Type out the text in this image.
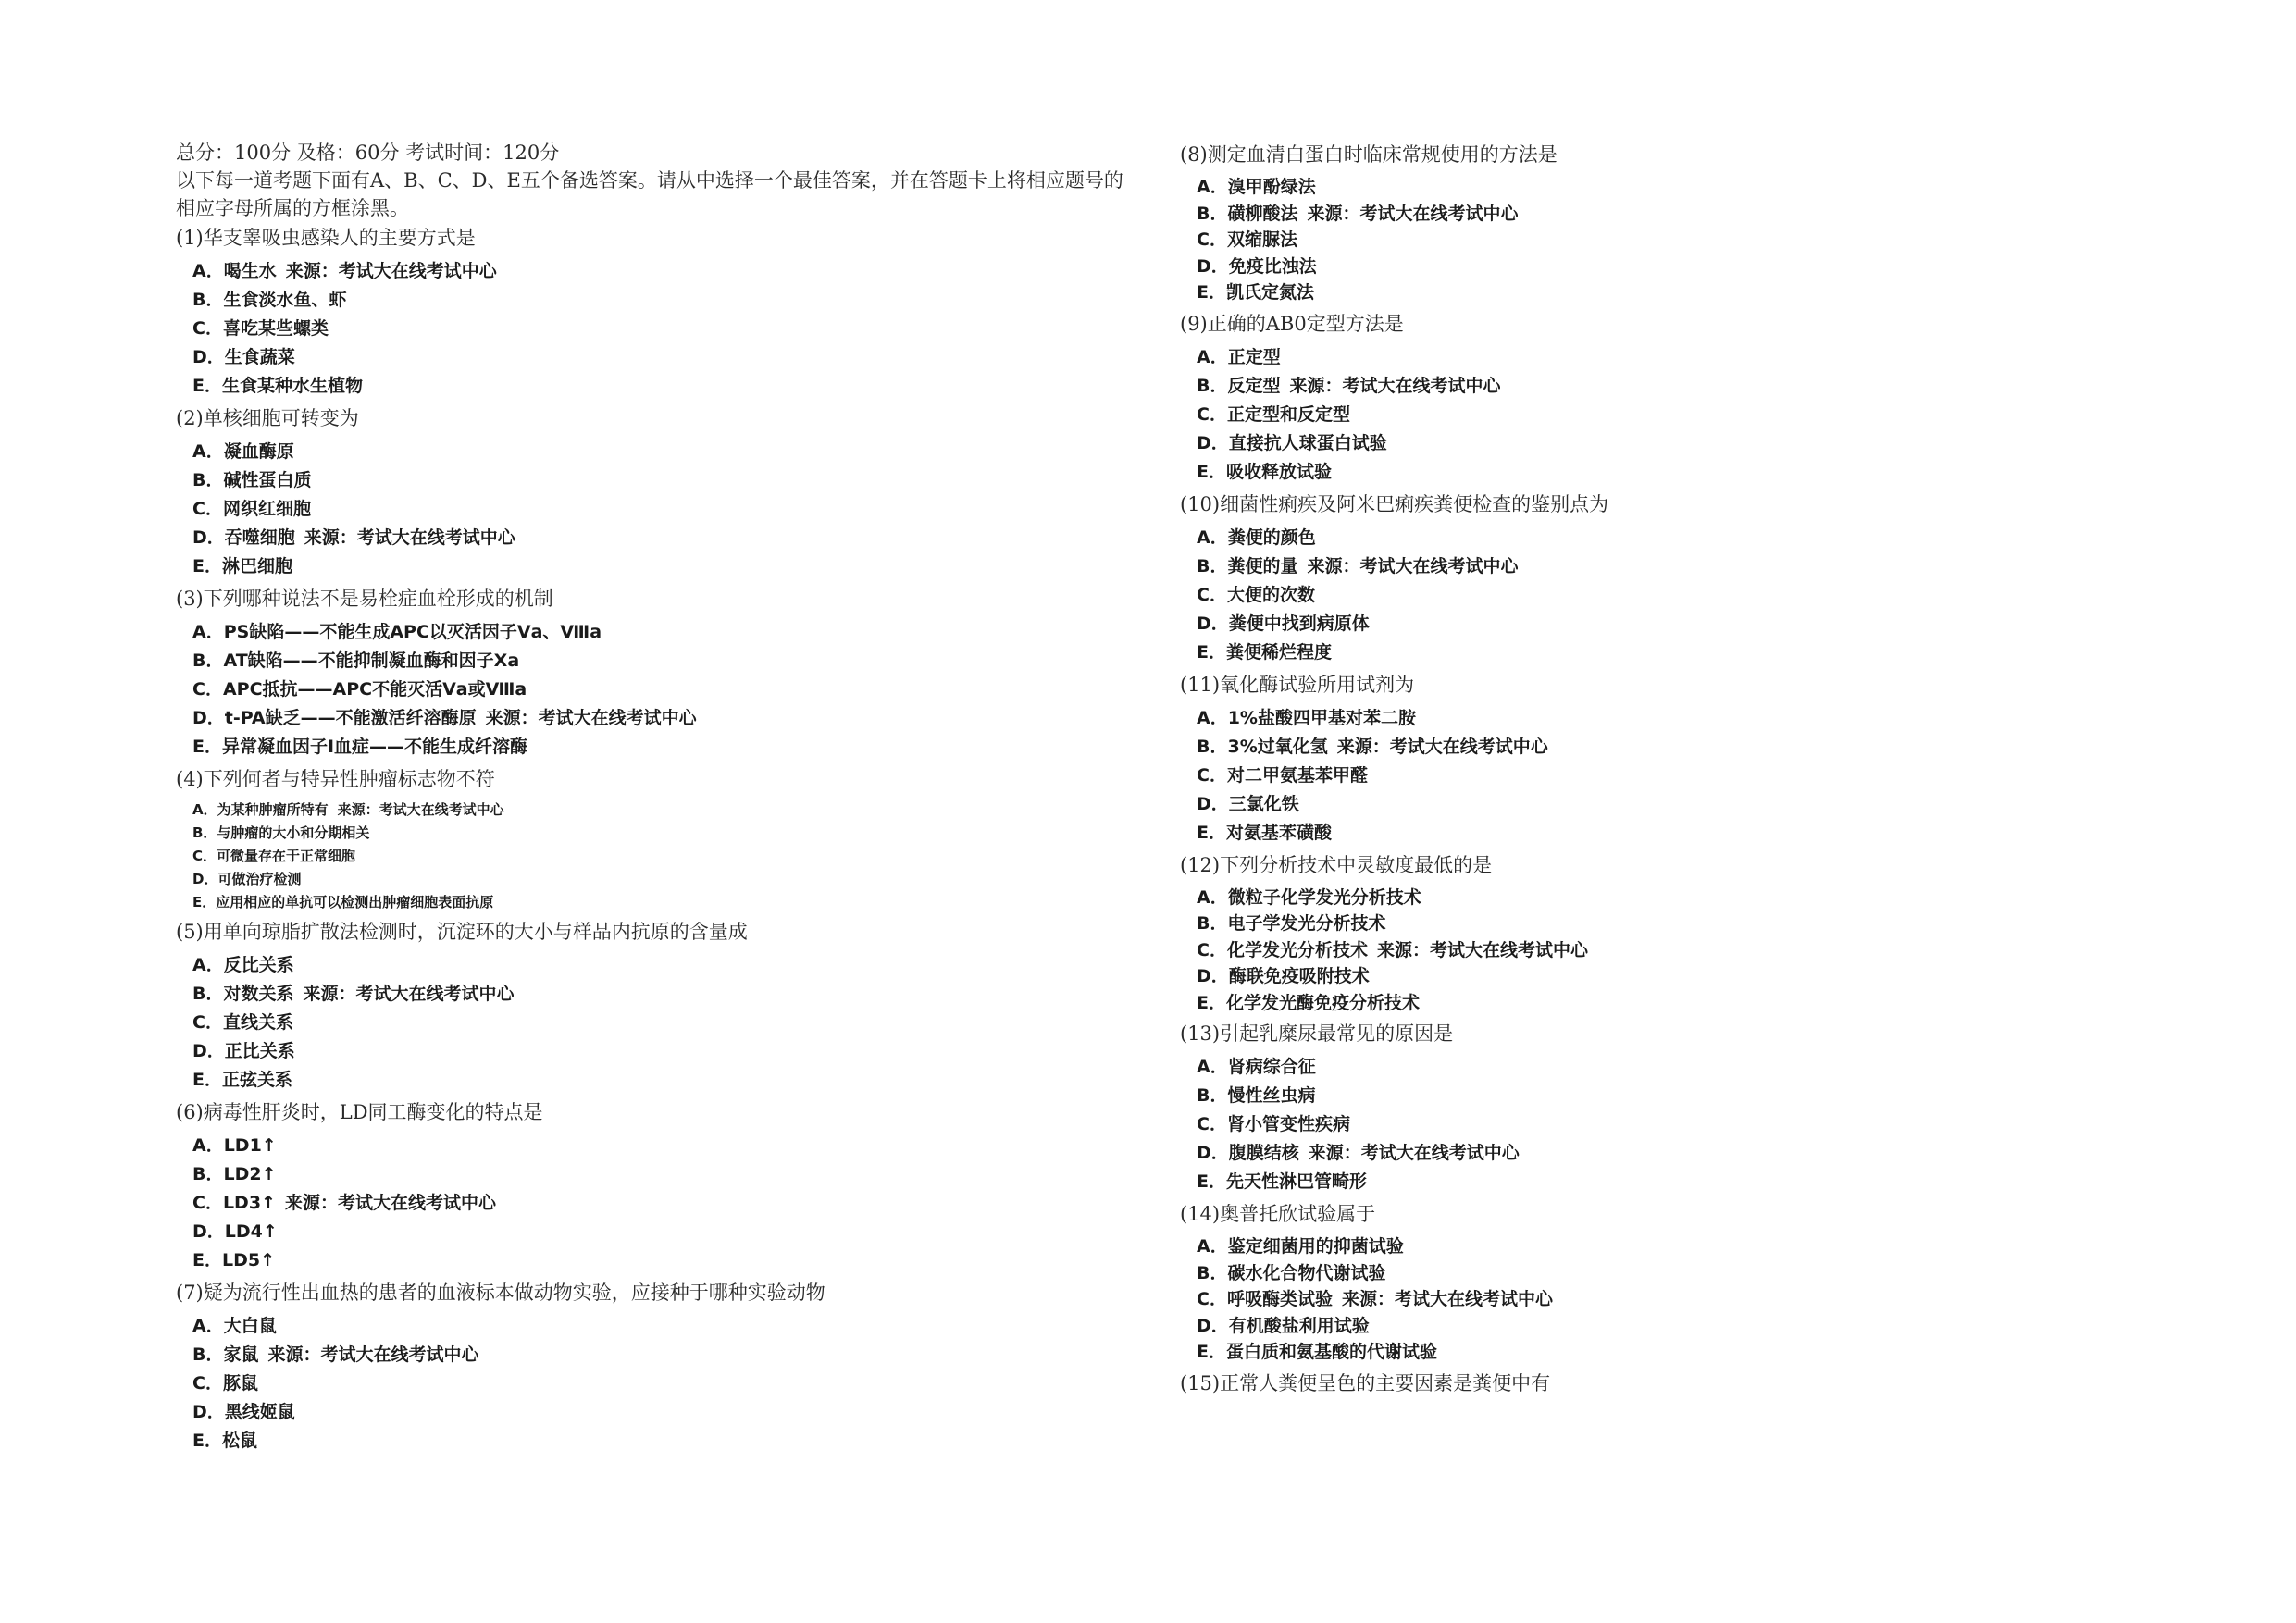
总分：100分 及格：60分 考试时间：120分
以下每一道考题下面有A、B、C、D、E五个备选答案。请从中选择一个最佳答案，并在答题卡上将相应题号的相应字母所属的方框涂黑。
(1)华支睾吸虫感染人的主要方式是
A．喝生水 来源：考试大在线考试中心
B．生食淡水鱼、虾
C．喜吃某些螺类
D．生食蔬菜
E．生食某种水生植物
(2)单核细胞可转变为
A．凝血酶原
B．碱性蛋白质
C．网织红细胞
D．吞噬细胞 来源：考试大在线考试中心
E．淋巴细胞
(3)下列哪种说法不是易栓症血栓形成的机制
A．PS缺陷——不能生成APC以灭活因子Ⅴa、Ⅷa
B．AT缺陷——不能抑制凝血酶和因子Xa
C．APC抵抗——APC不能灭活Ⅴa或Ⅷa
D．t-PA缺乏——不能激活纤溶酶原 来源：考试大在线考试中心
E．异常凝血因子Ⅰ血症——不能生成纤溶酶
(4)下列何者与特异性肿瘤标志物不符
A．为某种肿瘤所特有 来源：考试大在线考试中心
B．与肿瘤的大小和分期相关
C．可微量存在于正常细胞
D．可做治疗检测
E．应用相应的单抗可以检测出肿瘤细胞表面抗原
(5)用单向琼脂扩散法检测时，沉淀环的大小与样品内抗原的含量成
A．反比关系
B．对数关系 来源：考试大在线考试中心
C．直线关系
D．正比关系
E．正弦关系
(6)病毒性肝炎时，LD同工酶变化的特点是
A．LD1↑
B．LD2↑
C．LD3↑ 来源：考试大在线考试中心
D．LD4↑
E．LD5↑
(7)疑为流行性出血热的患者的血液标本做动物实验，应接种于哪种实验动物
A．大白鼠
B．家鼠 来源：考试大在线考试中心
C．豚鼠
D．黑线姬鼠
E．松鼠
(8)测定血清白蛋白时临床常规使用的方法是
A．溴甲酚绿法
B．磺柳酸法 来源：考试大在线考试中心
C．双缩脲法
D．免疫比浊法
E．凯氏定氮法
(9)正确的AB0定型方法是
A．正定型
B．反定型 来源：考试大在线考试中心
C．正定型和反定型
D．直接抗人球蛋白试验
E．吸收释放试验
(10)细菌性痢疾及阿米巴痢疾粪便检查的鉴别点为
A．粪便的颜色
B．粪便的量 来源：考试大在线考试中心
C．大便的次数
D．粪便中找到病原体
E．粪便稀烂程度
(11)氧化酶试验所用试剂为
A．1%盐酸四甲基对苯二胺
B．3%过氧化氢 来源：考试大在线考试中心
C．对二甲氨基苯甲醛
D．三氯化铁
E．对氨基苯磺酸
(12)下列分析技术中灵敏度最低的是
A．微粒子化学发光分析技术
B．电子学发光分析技术
C．化学发光分析技术 来源：考试大在线考试中心
D．酶联免疫吸附技术
E．化学发光酶免疫分析技术
(13)引起乳糜尿最常见的原因是
A．肾病综合征
B．慢性丝虫病
C．肾小管变性疾病
D．腹膜结核 来源：考试大在线考试中心
E．先天性淋巴管畸形
(14)奥普托欣试验属于
A．鉴定细菌用的抑菌试验
B．碳水化合物代谢试验
C．呼吸酶类试验 来源：考试大在线考试中心
D．有机酸盐利用试验
E．蛋白质和氨基酸的代谢试验
(15)正常人粪便呈色的主要因素是粪便中有
